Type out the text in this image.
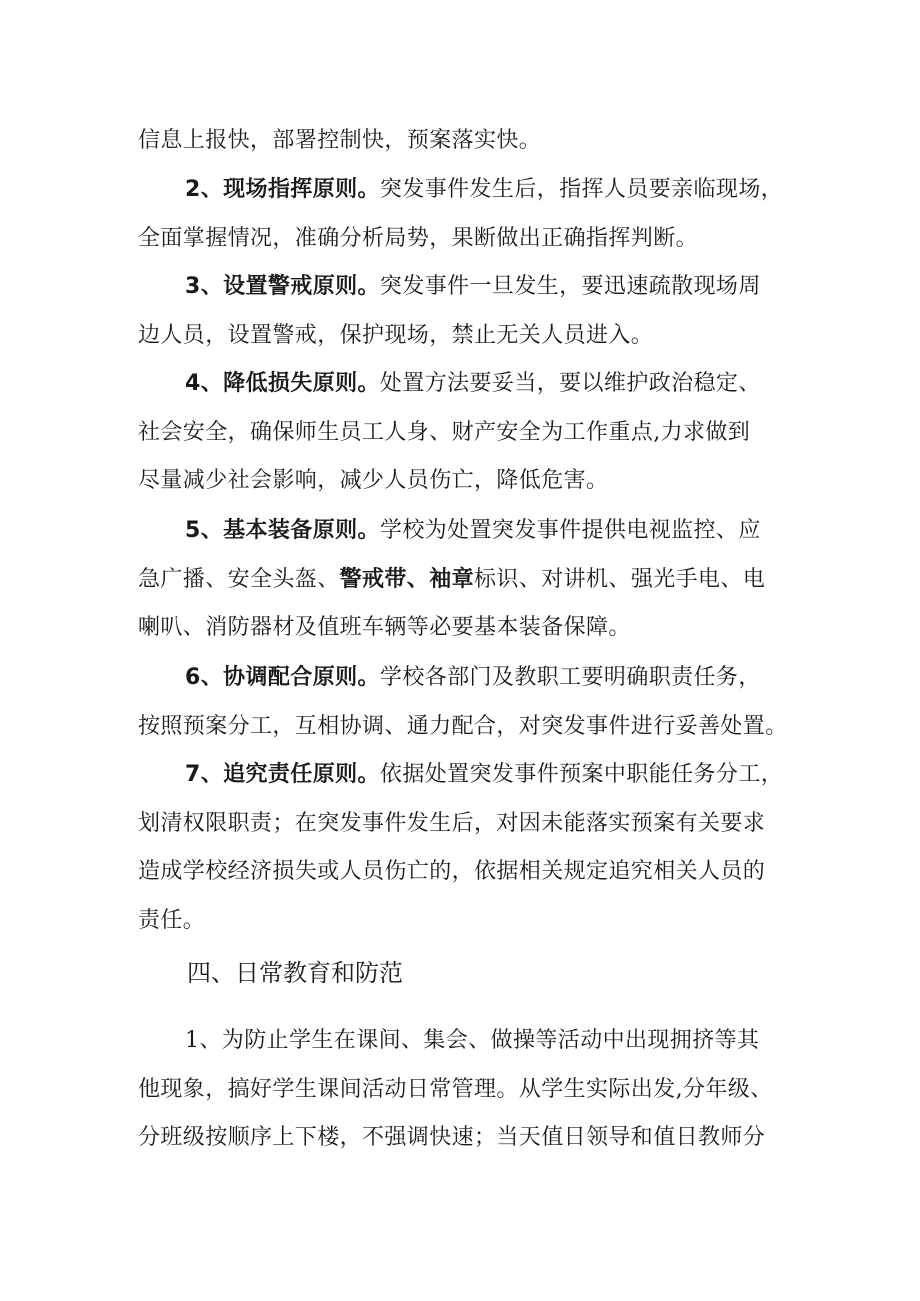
信息上报快，部署控制快，预案落实快。

2、现场指挥原则。突发事件发生后，指挥人员要亲临现场，
全面掌握情况，准确分析局势，果断做出正确指挥判断。

3、设置警戒原则。突发事件一旦发生，要迅速疏散现场周
边人员，设置警戒，保护现场，禁止无关人员进入。

4、降低损失原则。处置方法要妥当，要以维护政治稳定、
社会安全，确保师生员工人身、财产安全为工作重点,力求做到
尽量减少社会影响，减少人员伤亡，降低危害。

5、基本装备原则。学校为处置突发事件提供电视监控、应
急广播、安全头盔、警戒带、袖章标识、对讲机、强光手电、电
喇叭、消防器材及值班车辆等必要基本装备保障。

6、协调配合原则。学校各部门及教职工要明确职责任务，
按照预案分工，互相协调、通力配合，对突发事件进行妥善处置。

7、追究责任原则。依据处置突发事件预案中职能任务分工，
划清权限职责；在突发事件发生后，对因未能落实预案有关要求
造成学校经济损失或人员伤亡的，依据相关规定追究相关人员的
责任。

四、日常教育和防范

1、为防止学生在课间、集会、做操等活动中出现拥挤等其
他现象，搞好学生课间活动日常管理。从学生实际出发,分年级、
分班级按顺序上下楼，不强调快速；当天值日领导和值日教师分
